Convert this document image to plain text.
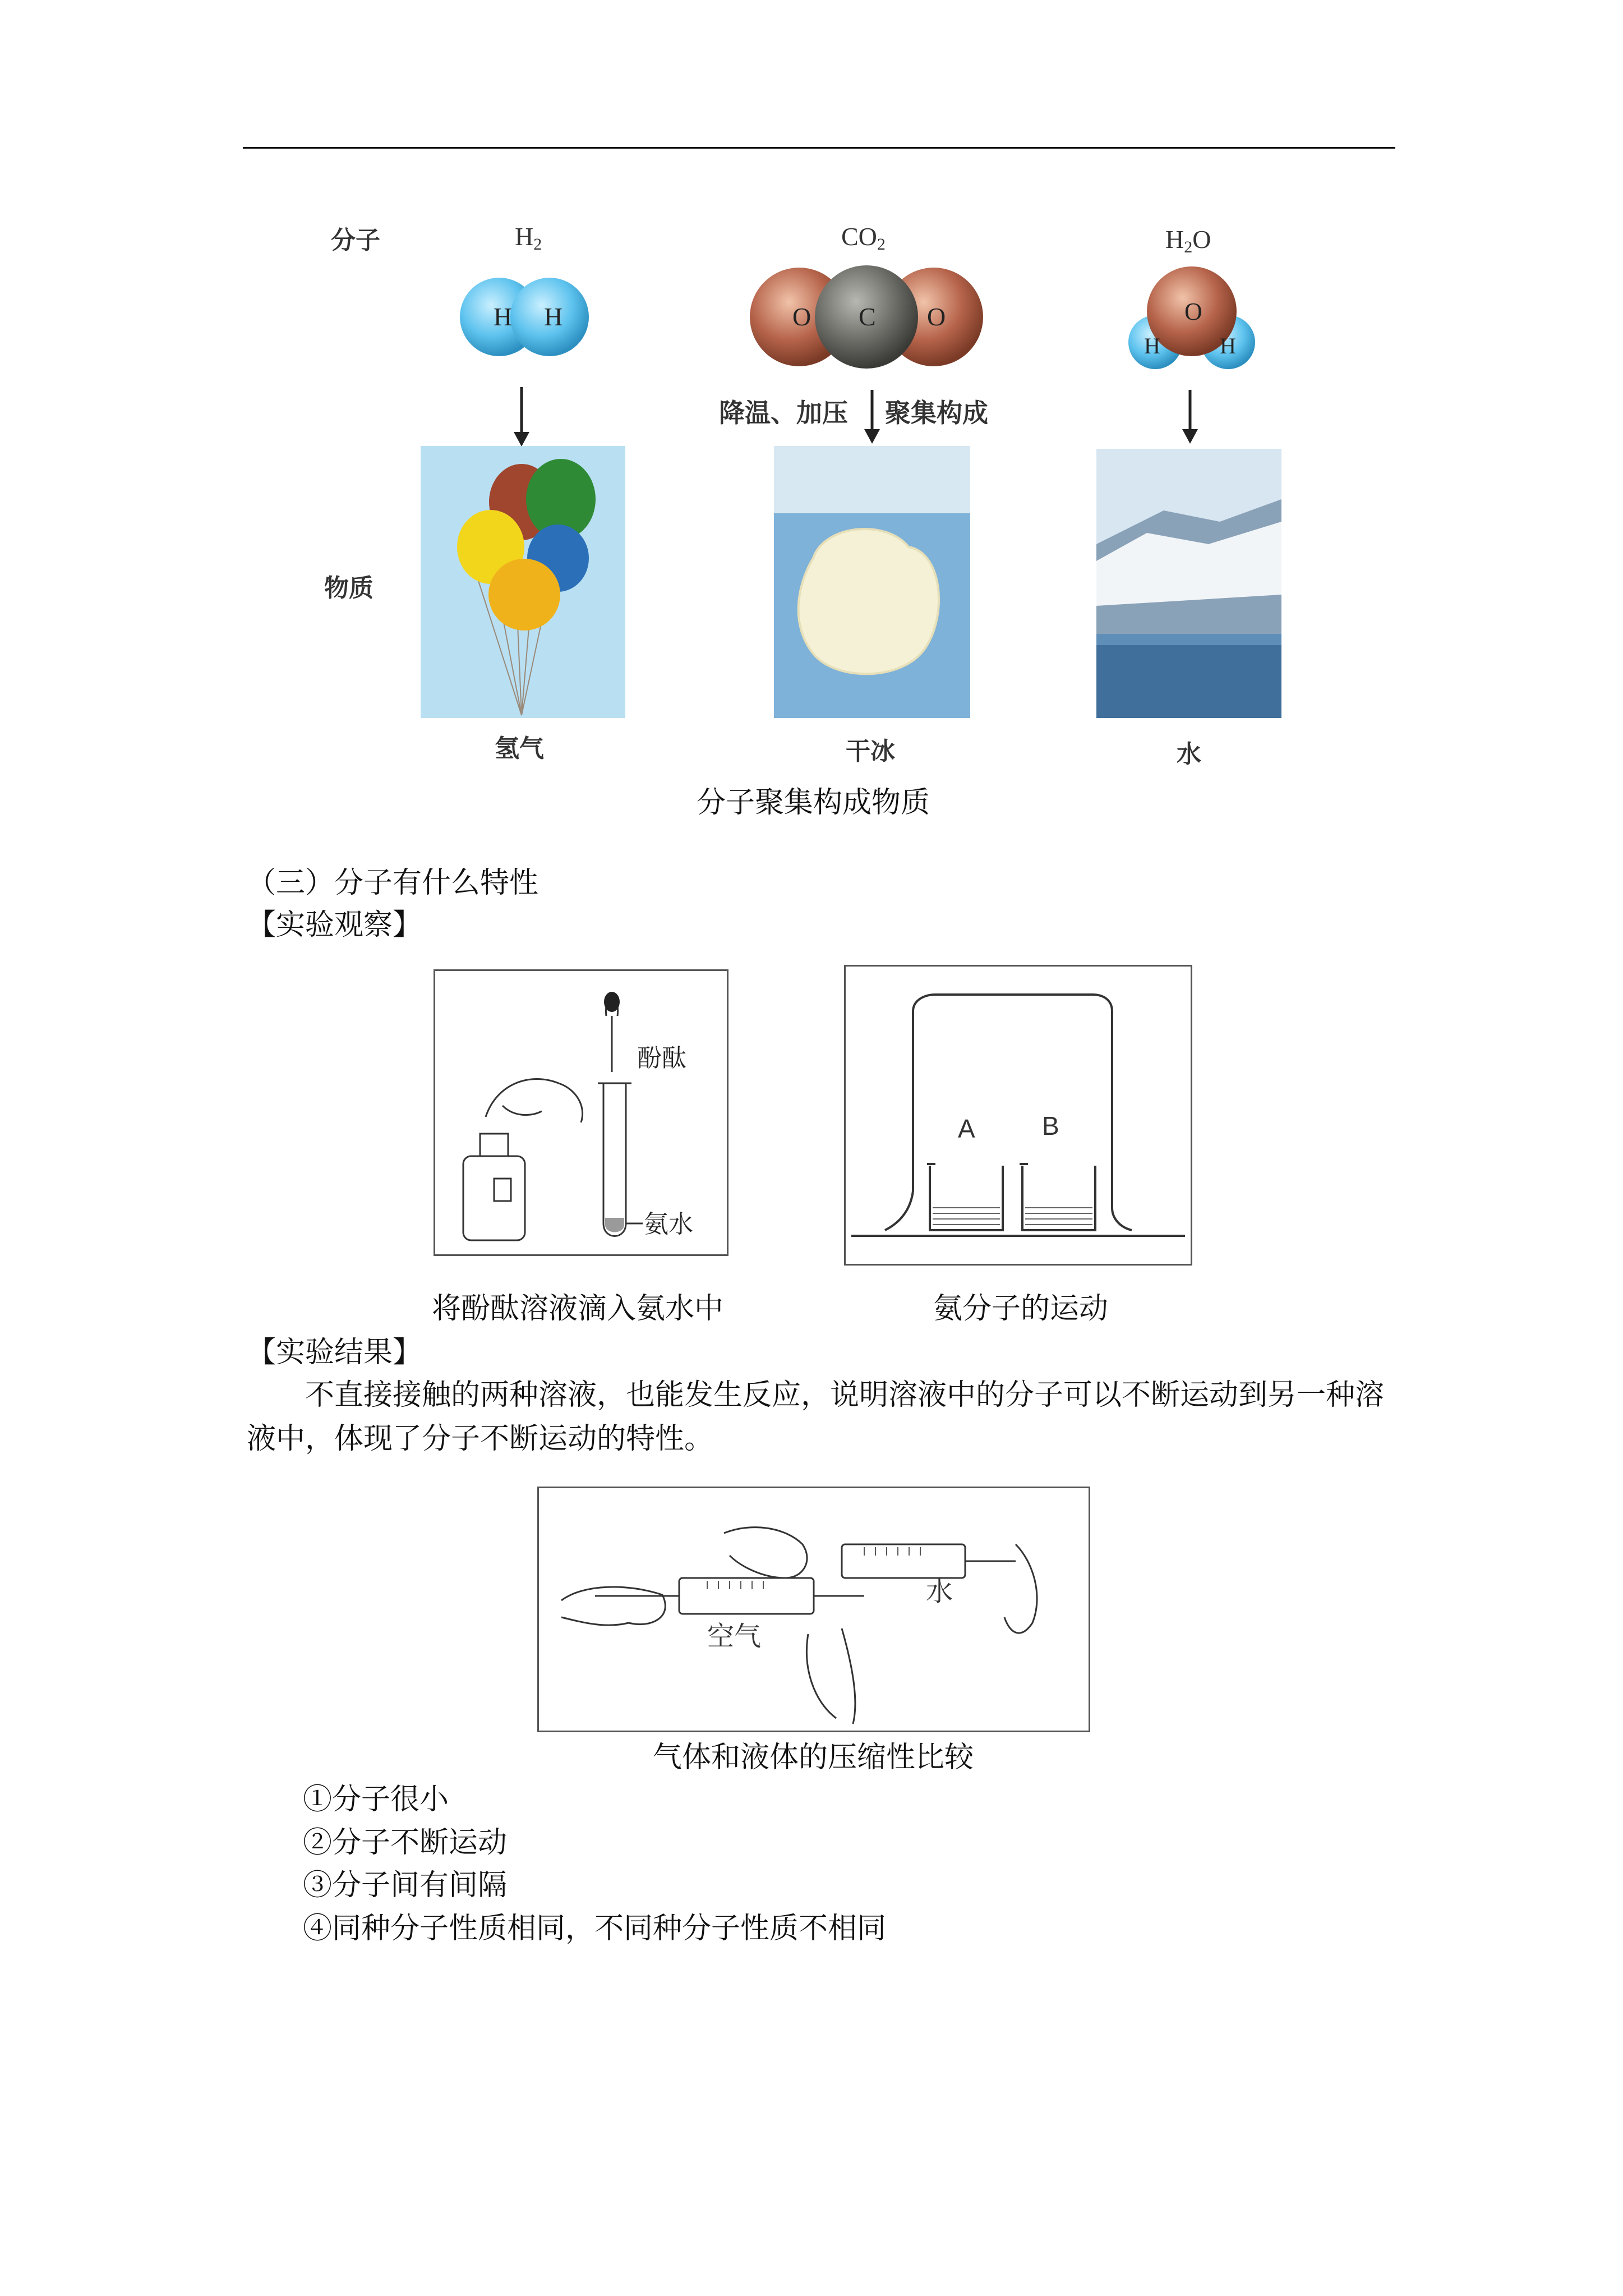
分子
物质
$H_2$	$CO_2$	$H_2O$
H H	O C O	O
H	H
降温、加压 聚集构成
氢气	干冰	水
分子聚集构成物质
（三）分子有什么特性
【实验观察】
酚酞
氨水
A	B
将酚酞溶液滴入氨水中	氨分子的运动
【实验结果】
不直接接触的两种溶液，也能发生反应，说明溶液中的分子可以不断运动到另一种溶液中，体现了分子不断运动的特性。
空气
水
气体和液体的压缩性比较
①分子很小
②分子不断运动
③分子间有间隔
④同种分子性质相同，不同种分子性质不相同
